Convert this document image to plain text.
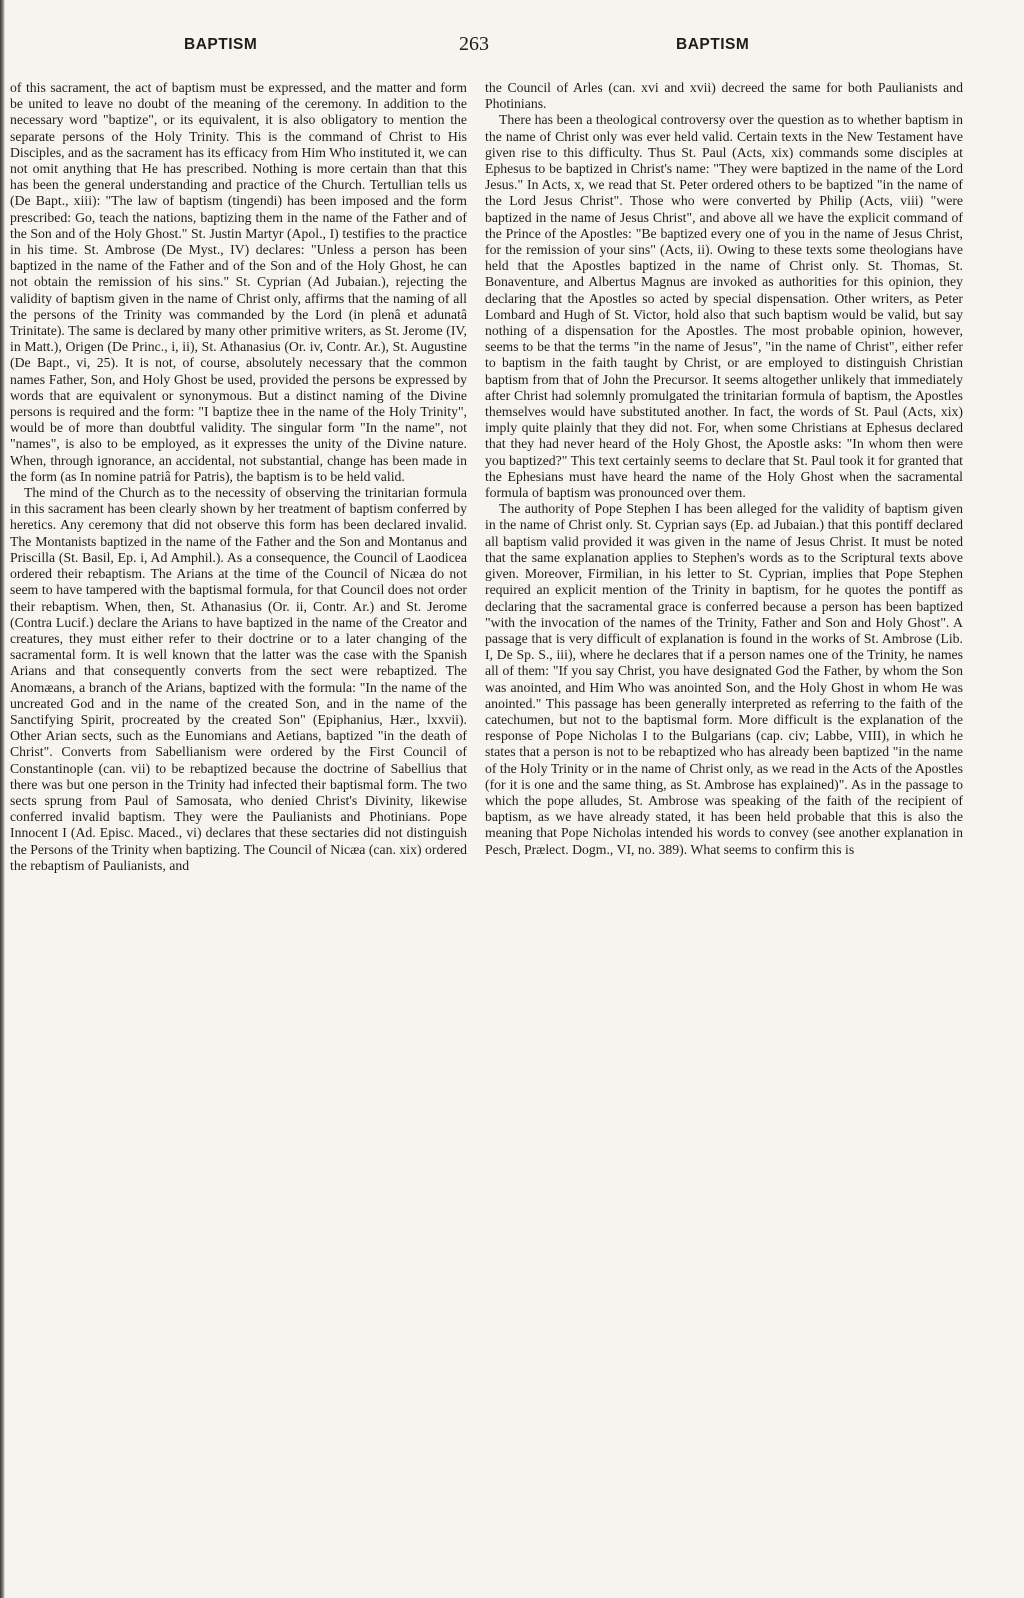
BAPTISM	263	BAPTISM

of this sacrament, the act of baptism must be expressed, and the matter and form be united to leave no doubt of the meaning of the ceremony. In addition to the necessary word "baptize", or its equivalent, it is also obligatory to mention the separate persons of the Holy Trinity. This is the command of Christ to His Disciples, and as the sacrament has its efficacy from Him Who instituted it, we can not omit anything that He has prescribed. Nothing is more certain than that this has been the general understanding and practice of the Church. Tertullian tells us (De Bapt., xiii): "The law of baptism (tingendi) has been imposed and the form prescribed: Go, teach the nations, baptizing them in the name of the Father and of the Son and of the Holy Ghost." St. Justin Martyr (Apol., I) testifies to the practice in his time. St. Ambrose (De Myst., IV) declares: "Unless a person has been baptized in the name of the Father and of the Son and of the Holy Ghost, he can not obtain the remission of his sins." St. Cyprian (Ad Jubaian.), rejecting the validity of baptism given in the name of Christ only, affirms that the naming of all the persons of the Trinity was commanded by the Lord (in plenâ et adunatâ Trinitate). The same is declared by many other primitive writers, as St. Jerome (IV, in Matt.), Origen (De Princ., i, ii), St. Athanasius (Or. iv, Contr. Ar.), St. Augustine (De Bapt., vi, 25). It is not, of course, absolutely necessary that the common names Father, Son, and Holy Ghost be used, provided the persons be expressed by words that are equivalent or synonymous. But a distinct naming of the Divine persons is required and the form: "I baptize thee in the name of the Holy Trinity", would be of more than doubtful validity. The singular form "In the name", not "names", is also to be employed, as it expresses the unity of the Divine nature. When, through ignorance, an accidental, not substantial, change has been made in the form (as In nomine patriâ for Patris), the baptism is to be held valid.

The mind of the Church as to the necessity of observing the trinitarian formula in this sacrament has been clearly shown by her treatment of baptism conferred by heretics. Any ceremony that did not observe this form has been declared invalid. The Montanists baptized in the name of the Father and the Son and Montanus and Priscilla (St. Basil, Ep. i, Ad Amphil.). As a consequence, the Council of Laodicea ordered their rebaptism. The Arians at the time of the Council of Nicæa do not seem to have tampered with the baptismal formula, for that Council does not order their rebaptism. When, then, St. Athanasius (Or. ii, Contr. Ar.) and St. Jerome (Contra Lucif.) declare the Arians to have baptized in the name of the Creator and creatures, they must either refer to their doctrine or to a later changing of the sacramental form. It is well known that the latter was the case with the Spanish Arians and that consequently converts from the sect were rebaptized. The Anomæans, a branch of the Arians, baptized with the formula: "In the name of the uncreated God and in the name of the created Son, and in the name of the Sanctifying Spirit, procreated by the created Son" (Epiphanius, Hær., lxxvii). Other Arian sects, such as the Eunomians and Aetians, baptized "in the death of Christ". Converts from Sabellianism were ordered by the First Council of Constantinople (can. vii) to be rebaptized because the doctrine of Sabellius that there was but one person in the Trinity had infected their baptismal form. The two sects sprung from Paul of Samosata, who denied Christ's Divinity, likewise conferred invalid baptism. They were the Paulianists and Photinians. Pope Innocent I (Ad. Episc. Maced., vi) declares that these sectaries did not distinguish the Persons of the Trinity when baptizing. The Council of Nicæa (can. xix) ordered the rebaptism of Paulianists, and

the Council of Arles (can. xvi and xvii) decreed the same for both Paulianists and Photinians.

There has been a theological controversy over the question as to whether baptism in the name of Christ only was ever held valid. Certain texts in the New Testament have given rise to this difficulty. Thus St. Paul (Acts, xix) commands some disciples at Ephesus to be baptized in Christ's name: "They were baptized in the name of the Lord Jesus." In Acts, x, we read that St. Peter ordered others to be baptized "in the name of the Lord Jesus Christ". Those who were converted by Philip (Acts, viii) "were baptized in the name of Jesus Christ", and above all we have the explicit command of the Prince of the Apostles: "Be baptized every one of you in the name of Jesus Christ, for the remission of your sins" (Acts, ii). Owing to these texts some theologians have held that the Apostles baptized in the name of Christ only. St. Thomas, St. Bonaventure, and Albertus Magnus are invoked as authorities for this opinion, they declaring that the Apostles so acted by special dispensation. Other writers, as Peter Lombard and Hugh of St. Victor, hold also that such baptism would be valid, but say nothing of a dispensation for the Apostles. The most probable opinion, however, seems to be that the terms "in the name of Jesus", "in the name of Christ", either refer to baptism in the faith taught by Christ, or are employed to distinguish Christian baptism from that of John the Precursor. It seems altogether unlikely that immediately after Christ had solemnly promulgated the trinitarian formula of baptism, the Apostles themselves would have substituted another. In fact, the words of St. Paul (Acts, xix) imply quite plainly that they did not. For, when some Christians at Ephesus declared that they had never heard of the Holy Ghost, the Apostle asks: "In whom then were you baptized?" This text certainly seems to declare that St. Paul took it for granted that the Ephesians must have heard the name of the Holy Ghost when the sacramental formula of baptism was pronounced over them.

The authority of Pope Stephen I has been alleged for the validity of baptism given in the name of Christ only. St. Cyprian says (Ep. ad Jubaian.) that this pontiff declared all baptism valid provided it was given in the name of Jesus Christ. It must be noted that the same explanation applies to Stephen's words as to the Scriptural texts above given. Moreover, Firmilian, in his letter to St. Cyprian, implies that Pope Stephen required an explicit mention of the Trinity in baptism, for he quotes the pontiff as declaring that the sacramental grace is conferred because a person has been baptized "with the invocation of the names of the Trinity, Father and Son and Holy Ghost". A passage that is very difficult of explanation is found in the works of St. Ambrose (Lib. I, De Sp. S., iii), where he declares that if a person names one of the Trinity, he names all of them: "If you say Christ, you have designated God the Father, by whom the Son was anointed, and Him Who was anointed Son, and the Holy Ghost in whom He was anointed." This passage has been generally interpreted as referring to the faith of the catechumen, but not to the baptismal form. More difficult is the explanation of the response of Pope Nicholas I to the Bulgarians (cap. civ; Labbe, VIII), in which he states that a person is not to be rebaptized who has already been baptized "in the name of the Holy Trinity or in the name of Christ only, as we read in the Acts of the Apostles (for it is one and the same thing, as St. Ambrose has explained)". As in the passage to which the pope alludes, St. Ambrose was speaking of the faith of the recipient of baptism, as we have already stated, it has been held probable that this is also the meaning that Pope Nicholas intended his words to convey (see another explanation in Pesch, Prælect. Dogm., VI, no. 389). What seems to confirm this is
